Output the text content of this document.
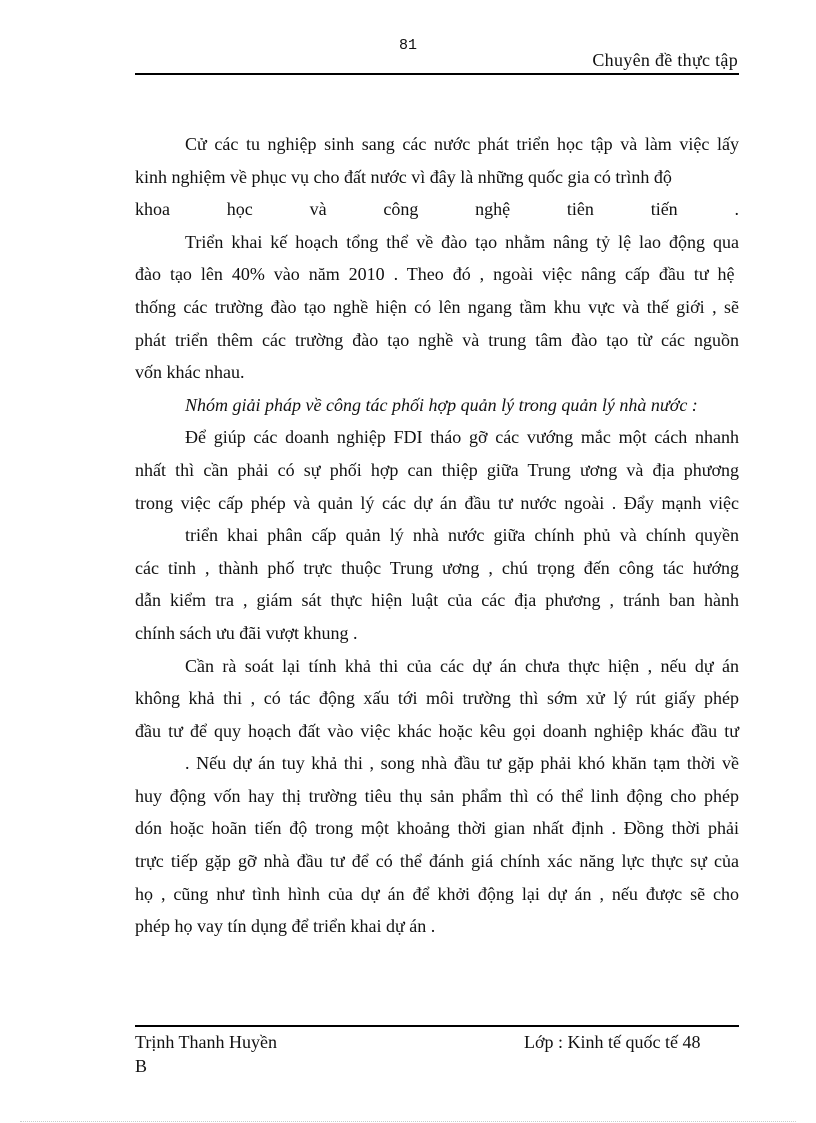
81
Chuyên đề thực tập
Cử các tu nghiệp sinh sang các nước phát triển học tập và làm việc lấy
kinh nghiệm về phục vụ cho đất nước vì đây là những quốc gia có trình độ
khoa	học	và	công	nghệ	tiên	tiến	.
Triển khai kế hoạch tổng thể về đào tạo nhằm nâng tỷ lệ lao động qua
đào tạo lên 40% vào năm 2010 . Theo đó , ngoài việc nâng cấp đầu tư hệ
thống các trường đào tạo nghề hiện có lên ngang tầm khu vực và thế giới , sẽ
phát triển thêm các trường đào tạo nghề và trung tâm đào tạo từ các nguồn
vốn khác nhau.
Nhóm giải pháp về công tác phối hợp quản lý trong quản lý nhà nước :
Để giúp các doanh nghiệp FDI tháo gỡ các vướng mắc một cách nhanh
nhất thì cần phải có sự phối hợp can thiệp giữa Trung ương và địa phương
trong việc cấp phép và quản lý các dự án đầu tư nước ngoài . Đẩy mạnh việc
triển khai phân cấp quản lý nhà nước giữa chính phủ và chính quyền
các tỉnh , thành phố trực thuộc Trung ương , chú trọng đến công tác hướng
dẫn kiểm tra , giám sát thực hiện luật của các địa phương , tránh ban hành
chính sách ưu đãi vượt khung .
Cần rà soát lại tính khả thi của các dự án chưa thực hiện , nếu dự án
không khả thi , có tác động xấu tới môi trường thì sớm xử lý rút giấy phép
đầu tư để quy hoạch đất vào việc khác hoặc kêu gọi doanh nghiệp khác đầu tư
. Nếu dự án tuy khả thi , song nhà đầu tư gặp phải khó khăn tạm thời về
huy động vốn hay thị trường tiêu thụ sản phẩm thì có thể linh động cho phép
dón hoặc hoãn tiến độ trong một khoảng thời gian nhất định . Đồng thời phải
trực tiếp gặp gỡ nhà đầu tư để có thể đánh giá chính xác năng lực thực sự của
họ , cũng như tình hình của dự án để khởi động lại dự án , nếu được sẽ cho
phép họ vay tín dụng để triển khai dự án .
Trịnh Thanh Huyền
B
Lớp : Kinh tế quốc tế 48
